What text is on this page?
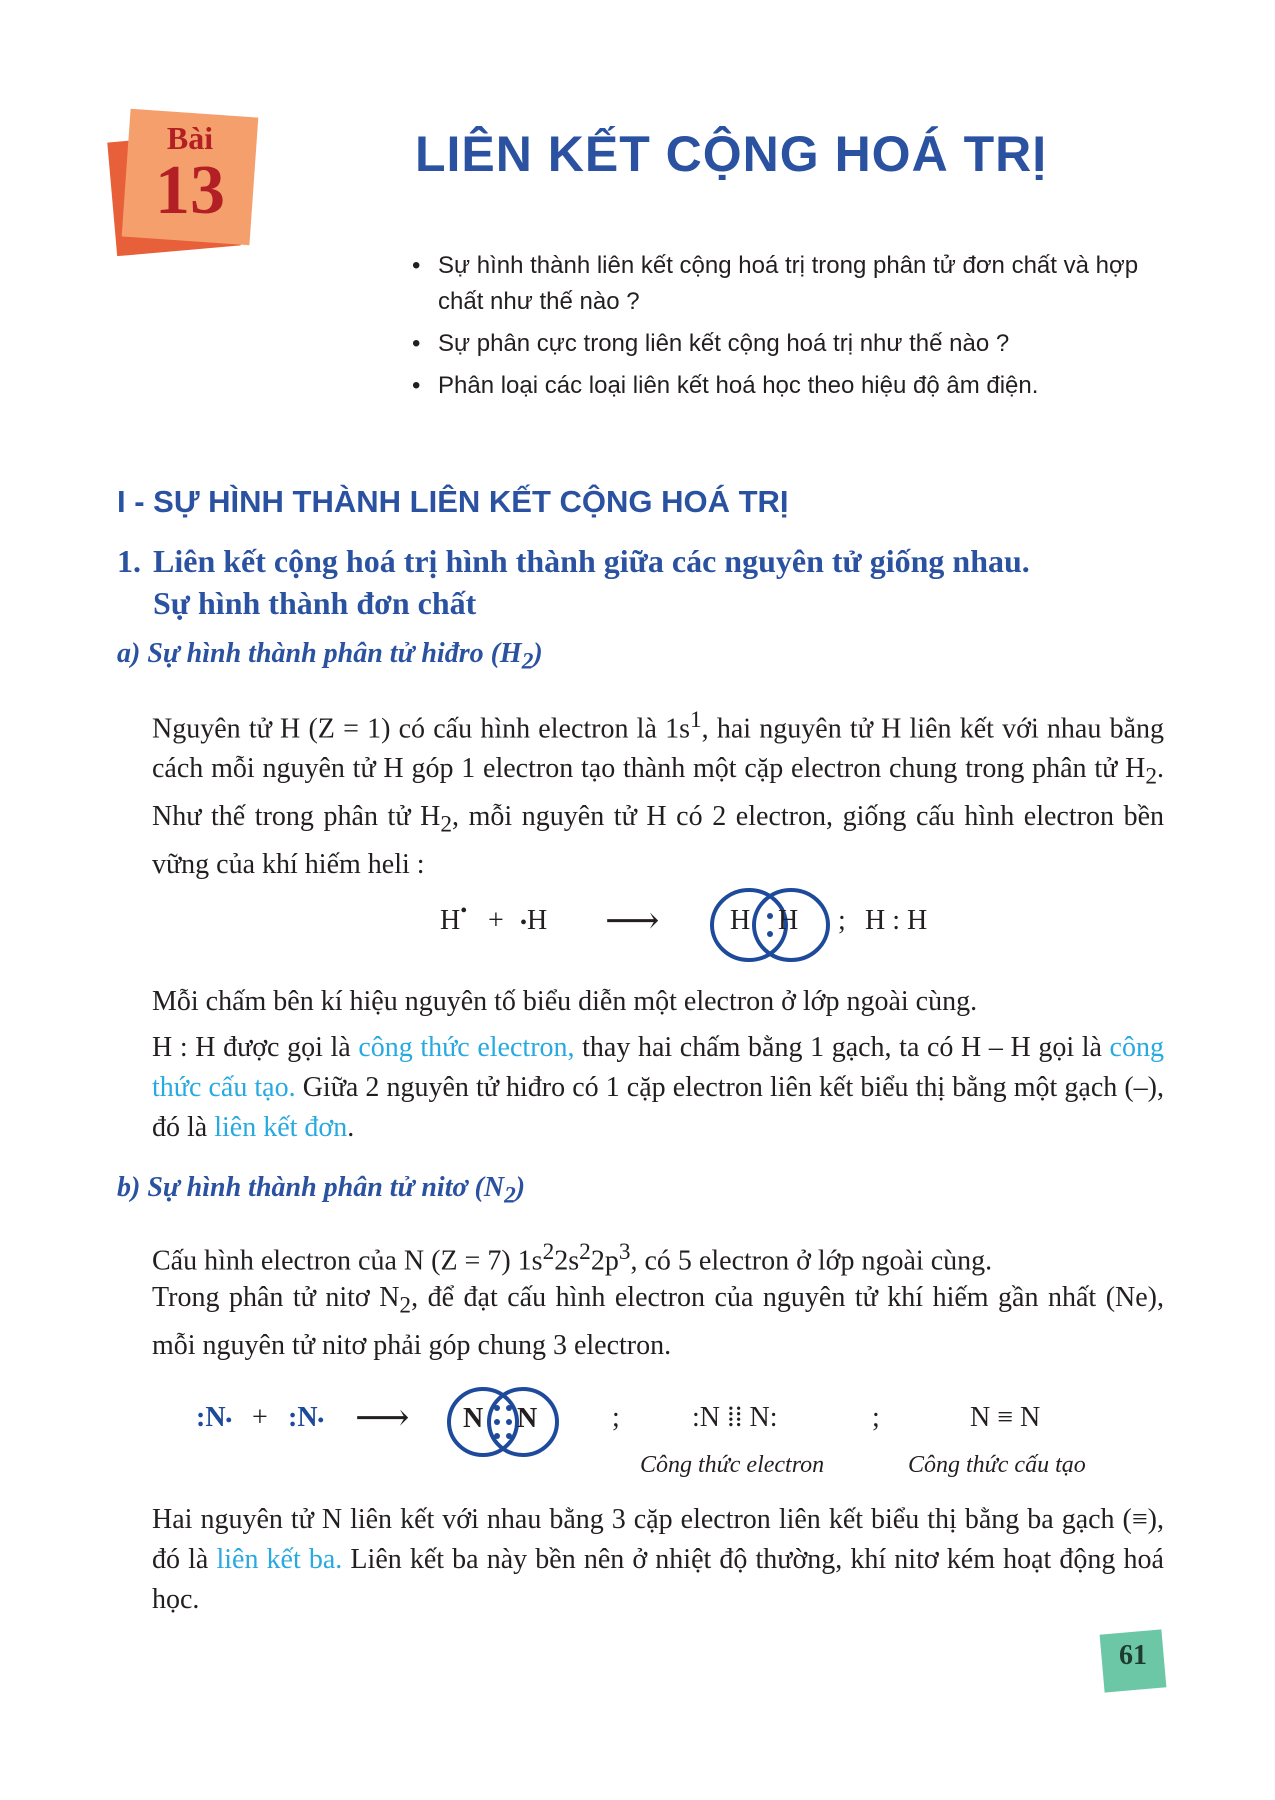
Bài
13	LIÊN KẾT CỘNG HOÁ TRỊ
• Sự hình thành liên kết cộng hoá trị trong phân tử đơn chất và hợp chất như thế nào ?
• Sự phân cực trong liên kết cộng hoá trị như thế nào ?
• Phân loại các loại liên kết hoá học theo hiệu độ âm điện.
I - SỰ HÌNH THÀNH LIÊN KẾT CỘNG HOÁ TRỊ
1. Liên kết cộng hoá trị hình thành giữa các nguyên tử giống nhau.
Sự hình thành đơn chất
a) Sự hình thành phân tử hiđro $(H_2)$
Nguyên tử H (Z = 1) có cấu hình electron là $1s^1$, hai nguyên tử H liên kết với nhau bằng cách mỗi nguyên tử H góp 1 electron tạo thành một cặp electron chung trong phân tử $H_2$. Như thế trong phân tử $H_2$, mỗi nguyên tử H có 2 electron, giống cấu hình electron bền vững của khí hiếm heli :
H• + •H ⟶	H H ; H : H
Mỗi chấm bên kí hiệu nguyên tố biểu diễn một electron ở lớp ngoài cùng.
H : H được gọi là công thức electron, thay hai chấm bằng 1 gạch, ta có H – H gọi là công thức cấu tạo. Giữa 2 nguyên tử hiđro có 1 cặp electron liên kết biểu thị bằng một gạch (–), đó là liên kết đơn.
b) Sự hình thành phân tử nitơ $(N_2)$
Cấu hình electron của N (Z = 7) $1s^22s^22p^3$, có 5 electron ở lớp ngoài cùng.
Trong phân tử nitơ $N_2$, để đạt cấu hình electron của nguyên tử khí hiếm gần nhất (Ne), mỗi nguyên tử nitơ phải góp chung 3 electron.
:N• + :N• ⟶ N N	;	:N ⁞⁞ N:	;	N ≡ N
Công thức electron	Công thức cấu tạo
Hai nguyên tử N liên kết với nhau bằng 3 cặp electron liên kết biểu thị bằng ba gạch (≡), đó là liên kết ba. Liên kết ba này bền nên ở nhiệt độ thường, khí nitơ kém hoạt động hoá học.
61
